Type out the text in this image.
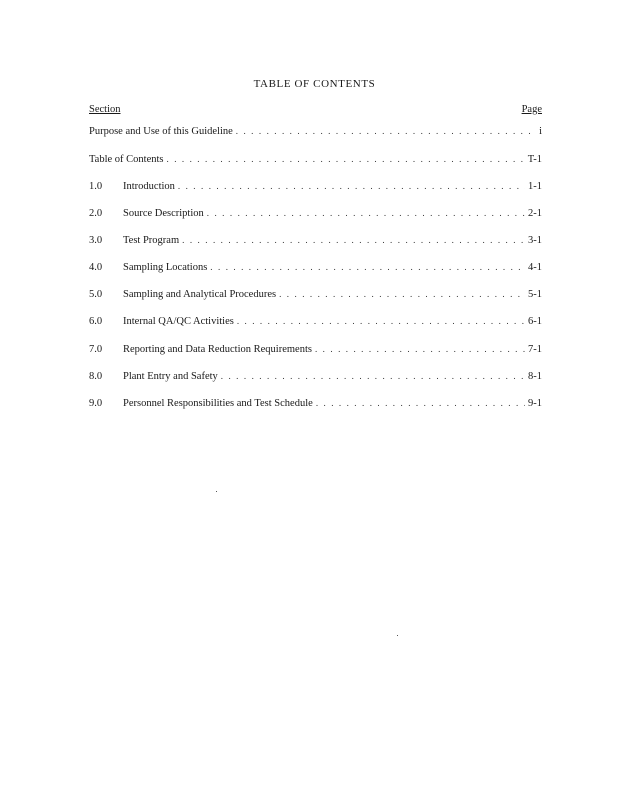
TABLE OF CONTENTS
Section	Page
Purpose and Use of this Guideline . . .	i
Table of Contents . . .	T-1
1.0	Introduction . . .	1-1
2.0	Source Description . . .	2-1
3.0	Test Program . . .	3-1
4.0	Sampling Locations . . .	4-1
5.0	Sampling and Analytical Procedures . . .	5-1
6.0	Internal QA/QC Activities . . .	6-1
7.0	Reporting and Data Reduction Requirements . . .	7-1
8.0	Plant Entry and Safety . . .	8-1
9.0	Personnel Responsibilities and Test Schedule . . .	9-1
